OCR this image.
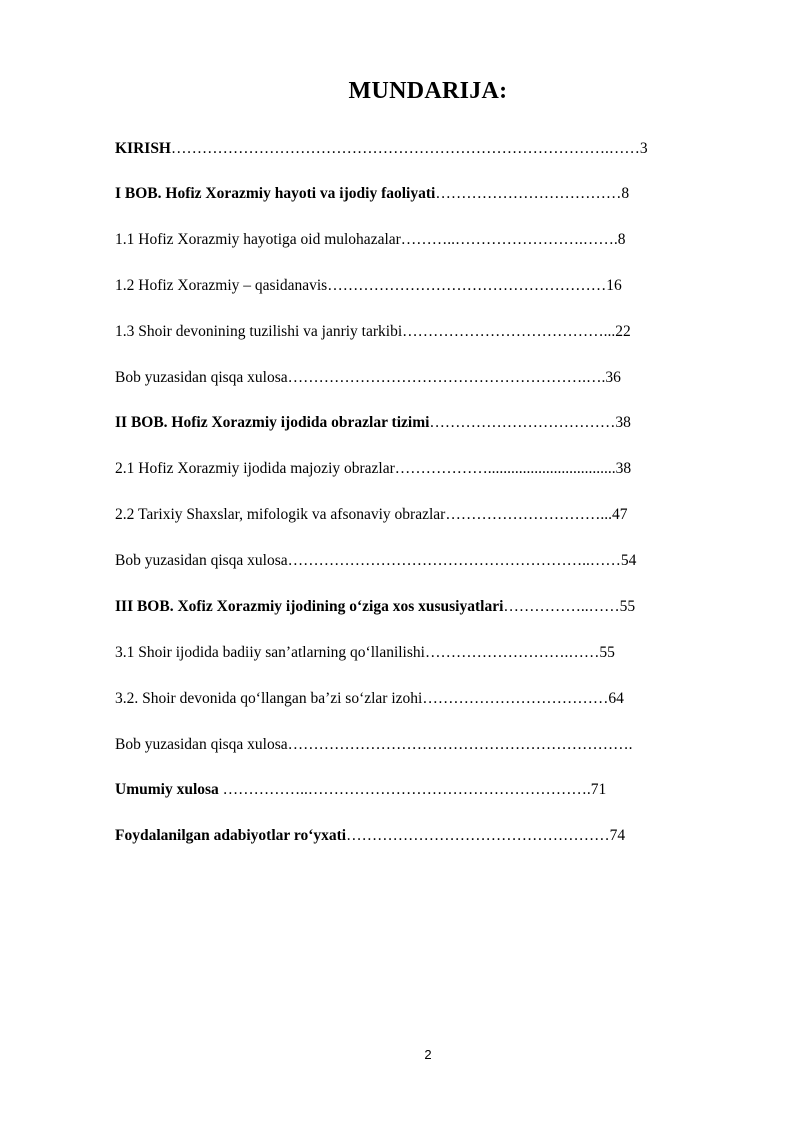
MUNDARIJA:
KIRISH………………………………………………………………………….……3
I BOB. Hofiz Xorazmiy hayoti va ijodiy faoliyati………………………………8
1.1 Hofiz Xorazmiy hayotiga oid mulohazalar………..…………………….…….8
1.2 Hofiz Xorazmiy – qasidanavis………………………………………………16
1.3 Shoir devonining tuzilishi va janriy tarkibi…………………………………...22
Bob yuzasidan qisqa xulosa………………………………………………….….36
II BOB. Hofiz Xorazmiy ijodida obrazlar tizimi………………………………38
2.1 Hofiz Xorazmiy ijodida majoziy obrazlar……………….................................38
2.2 Tarixiy Shaxslar, mifologik va afsonaviy obrazlar…………………………...47
Bob yuzasidan qisqa xulosa…………………………………………………..……54
III BOB. Xofiz Xorazmiy ijodining o‘ziga xos xususiyatlari……………..……55
3.1 Shoir ijodida badiiy san’atlarning qo‘llanilishi……………………….……55
3.2. Shoir devonida qo‘llangan ba’zi so‘zlar izohi………………………………64
Bob yuzasidan qisqa xulosa………………………………………………………….
Umumiy xulosa ……………..……………………………………………….71
Foydalanilgan adabiyotlar ro‘yxati……………………………………………74
2
